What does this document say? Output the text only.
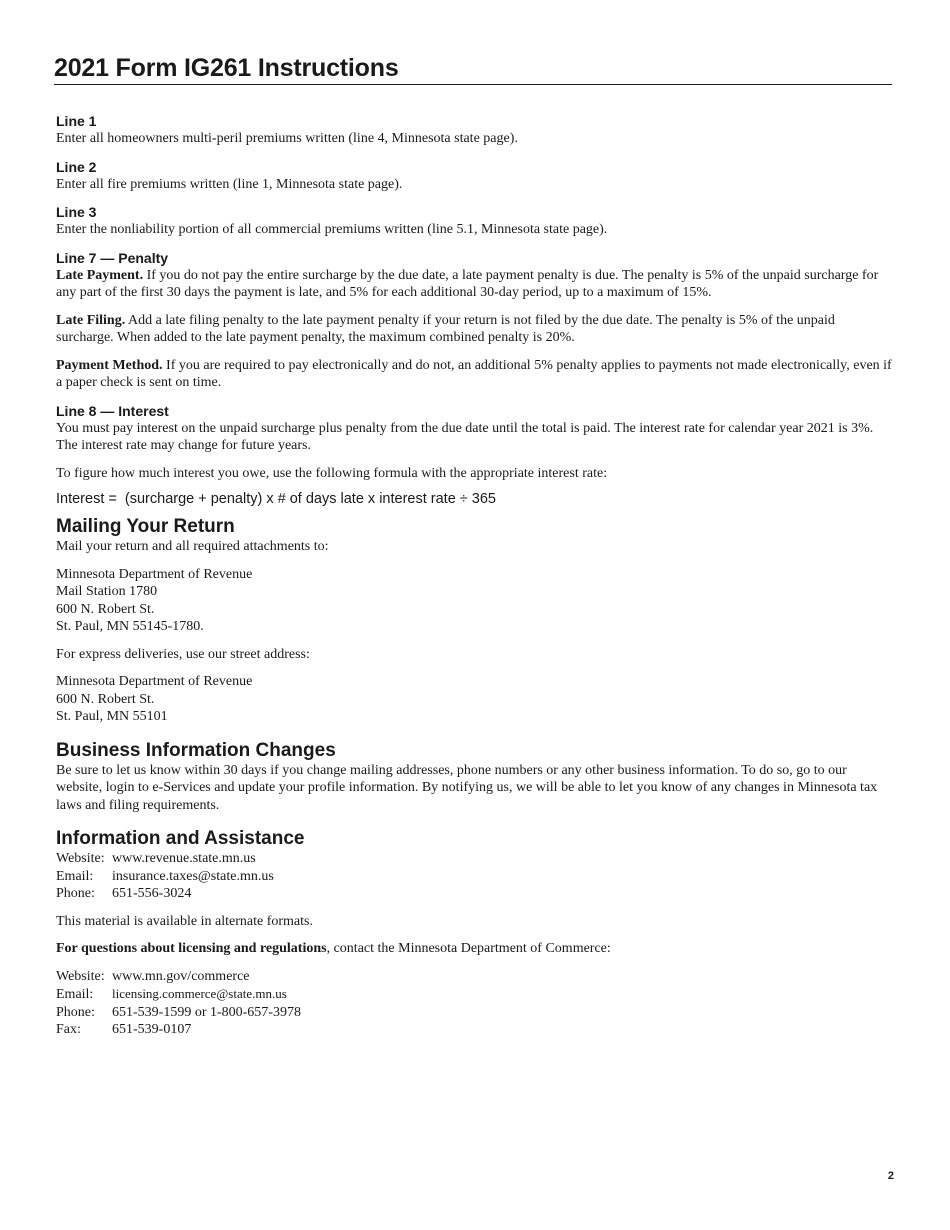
2021 Form IG261 Instructions
Line 1

Enter all homeowners multi-peril premiums written (line 4, Minnesota state page).

Line 2

Enter all fire premiums written (line 1, Minnesota state page).

Line 3

Enter the nonliability portion of all commercial premiums written (line 5.1, Minnesota state page).

Line 7 — Penalty

Late Payment. If you do not pay the entire surcharge by the due date, a late payment penalty is due. The penalty is 5% of the unpaid surcharge for any part of the first 30 days the payment is late, and 5% for each additional 30-day period, up to a maximum of 15%.

Late Filing. Add a late filing penalty to the late payment penalty if your return is not filed by the due date. The penalty is 5% of the unpaid surcharge. When added to the late payment penalty, the maximum combined penalty is 20%.

Payment Method. If you are required to pay electronically and do not, an additional 5% penalty applies to payments not made electronically, even if a paper check is sent on time.

Line 8 — Interest

You must pay interest on the unpaid surcharge plus penalty from the due date until the total is paid. The interest rate for calendar year 2021 is 3%. The interest rate may change for future years.

To figure how much interest you owe, use the following formula with the appropriate interest rate:

Interest =  (surcharge + penalty) x # of days late x interest rate ÷ 365
Mailing Your Return

Mail your return and all required attachments to:

Minnesota Department of Revenue

Mail Station 1780

600 N. Robert St.

St. Paul, MN 55145-1780.

For express deliveries, use our street address:

Minnesota Department of Revenue

600 N. Robert St.

St. Paul, MN 55101

Business Information Changes

Be sure to let us know within 30 days if you change mailing addresses, phone numbers or any other business information. To do so, go to our website, login to e-Services and update your profile information. By notifying us, we will be able to let you know of any changes in Minnesota tax laws and filing requirements.

Information and Assistance

Website: www.revenue.state.mn.us

Email: insurance.taxes@state.mn.us

Phone: 651-556-3024

This material is available in alternate formats.

For questions about licensing and regulations, contact the Minnesota Department of Commerce:

Website: www.mn.gov/commerce

Email: licensing.commerce@state.mn.us

Phone: 651-539-1599 or 1-800-657-3978

Fax: 651-539-0107

2
